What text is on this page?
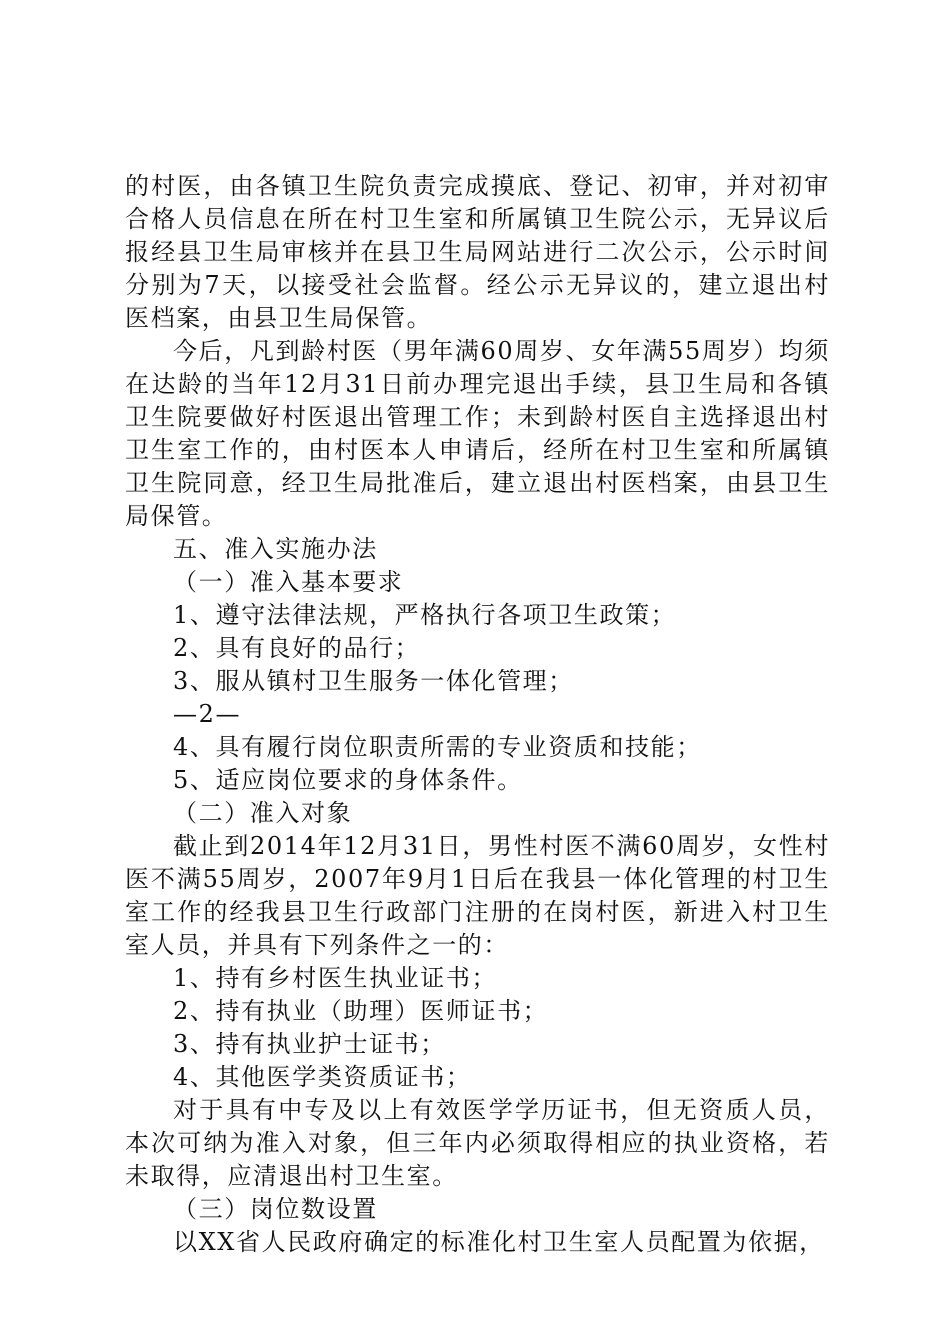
的村医，由各镇卫生院负责完成摸底、登记、初审，并对初审合格人员信息在所在村卫生室和所属镇卫生院公示，无异议后报经县卫生局审核并在县卫生局网站进行二次公示，公示时间分别为7天，以接受社会监督。经公示无异议的，建立退出村医档案，由县卫生局保管。

今后，凡到龄村医（男年满60周岁、女年满55周岁）均须在达龄的当年12月31日前办理完退出手续，县卫生局和各镇卫生院要做好村医退出管理工作；未到龄村医自主选择退出村卫生室工作的，由村医本人申请后，经所在村卫生室和所属镇卫生院同意，经卫生局批准后，建立退出村医档案，由县卫生局保管。

五、准入实施办法

（一）准入基本要求

1、遵守法律法规，严格执行各项卫生政策；

2、具有良好的品行；

3、服从镇村卫生服务一体化管理；

—2—

4、具有履行岗位职责所需的专业资质和技能；

5、适应岗位要求的身体条件。

（二）准入对象

截止到2014年12月31日，男性村医不满60周岁，女性村医不满55周岁，2007年9月1日后在我县一体化管理的村卫生室工作的经我县卫生行政部门注册的在岗村医，新进入村卫生室人员，并具有下列条件之一的：

1、持有乡村医生执业证书；

2、持有执业（助理）医师证书；

3、持有执业护士证书；

4、其他医学类资质证书；

对于具有中专及以上有效医学学历证书，但无资质人员，本次可纳为准入对象，但三年内必须取得相应的执业资格，若未取得，应清退出村卫生室。

（三）岗位数设置

以XX省人民政府确定的标准化村卫生室人员配置为依据，
